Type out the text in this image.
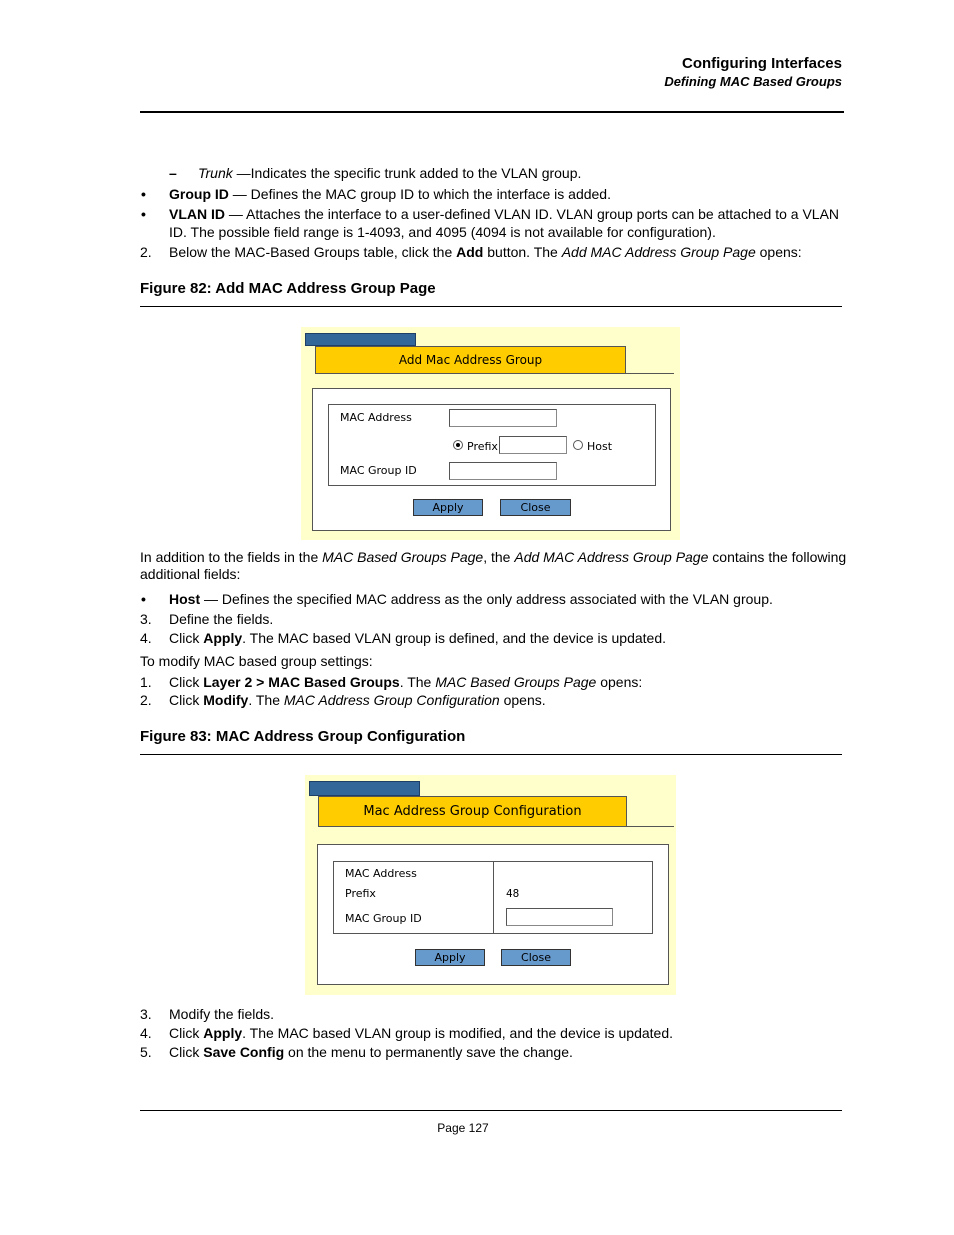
Configuring Interfaces
Defining MAC Based Groups
– Trunk —Indicates the specific trunk added to the VLAN group.
• Group ID — Defines the MAC group ID to which the interface is added.
• VLAN ID — Attaches the interface to a user-defined VLAN ID. VLAN group ports can be attached to a VLAN
ID. The possible field range is 1-4093, and 4095 (4094 is not available for configuration).
2. Below the MAC-Based Groups table, click the Add button. The Add MAC Address Group Page opens:
Figure 82: Add MAC Address Group Page
Add Mac Address Group
MAC Address
Prefix	Host
MAC Group ID
Apply	Close
In addition to the fields in the MAC Based Groups Page, the Add MAC Address Group Page contains the following
additional fields:
• Host — Defines the specified MAC address as the only address associated with the VLAN group.
3. Define the fields.
4. Click Apply. The MAC based VLAN group is defined, and the device is updated.
To modify MAC based group settings:
1. Click Layer 2 > MAC Based Groups. The MAC Based Groups Page opens:
2. Click Modify. The MAC Address Group Configuration opens.
Figure 83: MAC Address Group Configuration
Mac Address Group Configuration
MAC Address
Prefix	48
MAC Group ID
Apply	Close
3. Modify the fields.
4. Click Apply. The MAC based VLAN group is modified, and the device is updated.
5. Click Save Config on the menu to permanently save the change.
Page 127
